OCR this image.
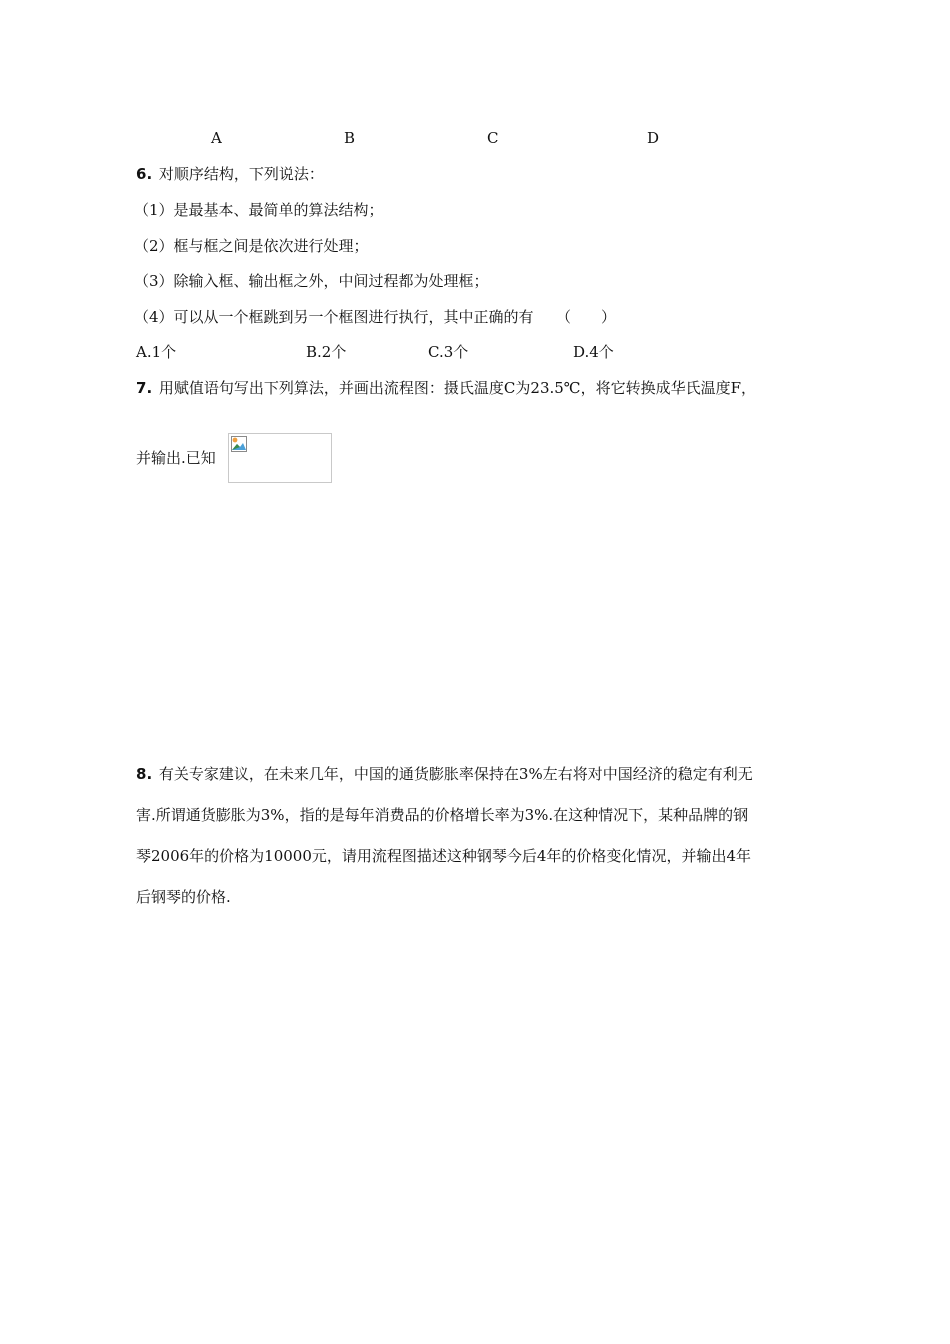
A	B	C	D
6. 对顺序结构，下列说法：
（1）是最基本、最简单的算法结构；
（2）框与框之间是依次进行处理；
（3）除输入框、输出框之外，中间过程都为处理框；
（4）可以从一个框跳到另一个框图进行执行，其中正确的有　　（　　）
A.1个	B.2个	C.3个	D.4个
7. 用赋值语句写出下列算法，并画出流程图：摄氏温度C为23.5℃，将它转换成华氏温度F，
并输出.已知
8. 有关专家建议，在未来几年，中国的通货膨胀率保持在3%左右将对中国经济的稳定有利无
害.所谓通货膨胀为3%，指的是每年消费品的价格增长率为3%.在这种情况下，某种品牌的钢
琴2006年的价格为10000元，请用流程图描述这种钢琴今后4年的价格变化情况，并输出4年
后钢琴的价格.
